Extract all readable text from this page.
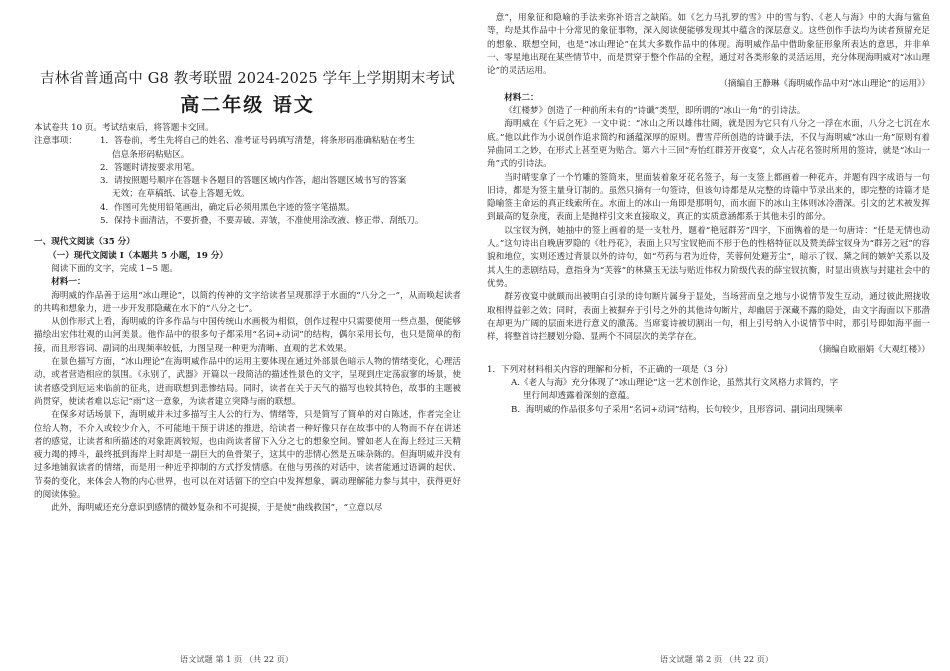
吉林省普通高中 G8 教考联盟 2024-2025 学年上学期期末考试
高二年级 语文

本试卷共 10 页。考试结束后，将答题卡交回。

注意事项：	1．答卷前，考生先将自己的姓名、准考证号码填写清楚，将条形码准确粘贴在考生
信息条形码粘贴区。
2．答题时请按要求用笔。
3．请按照题号顺序在答题卡各题目的答题区域内作答，超出答题区域书写的答案
无效；在草稿纸、试卷上答题无效。
4．作图可先使用铅笔画出，确定后必须用黑色字迹的签字笔描黑。
5．保持卡面清洁，不要折叠，不要弄破、弄皱，不准使用涂改液、修正带、刮纸刀。

一、现代文阅读（35 分）

（一）现代文阅读 I（本题共 5 小题，19 分）

阅读下面的文字，完成 1~5 题。

材料一：

海明威的作品善于运用“冰山理论”，以简约传神的文字给读者呈现那浮于水面的“八分之一”，从而唤起读者的共鸣和想象力，进一步开发那隐藏在水下的“八分之七”。

从创作形式上看，海明威的许多作品与中国传统山水画极为相似，创作过程中只需要使用一些点墨，便能够描绘出宏伟壮观的山河美景。他作品中的很多句子都采用“名词+动词”的结构，偶尔采用长句，也只是简单的衔接，而且形容词、副词的出现频率较低，力图呈现一种更为清晰、直观的艺术效果。

在景色描写方面，“冰山理论”在海明威作品中的运用主要体现在通过外部景色暗示人物的情绪变化，心理活动，或者营造相应的氛围。《永别了，武器》开篇以一段简洁的描述性景色的文字，呈现到庄定荡寂寥的场景，使读者感受到厄运来临前的征兆，进而联想到悲惨结局。同时，读者在关于天气的描写也较其特色，故事的主题被尚贯穿，使读者难以忘记“雨”这一意象，为读者建立突降与雨的联想。

在保多对话场景下，海明威并未过多描写主人公的行为、情绪等，只是简写了简单的对白陈述，作者完全让位给人物，不介入或较少介入，不可能地干预于讲述的推进，给读者一种好像只存在故事中的人物而不存在讲述者的感觉，让读者和所描述的对象距离较短，也由尚读者留下入分之七的想象空间。譬如老人在海上经过三天精疲力竭的搏斗，最终抵到海岸上时却是一副巨大的鱼骨架子，这其中的悲情心然是五味杂陈的。但海明威并没有过多地铺叙读者的情绪，而是用一种近乎抑制的方式抒发情感。在他与男孩的对话中，读者能通过语调的起伏、节奏的变化，来体会人物的内心世界，也可以在对话留下的空白中发挥想象，调动理解能力参与其中，获得更好的阅读体验。

此外，海明威还充分意识到感情的微妙复杂和不可捉摸，于是使“曲线救国”，“立意以尽

语文试题 第 1 页 （共 22 页）

意”，用象征和隐喻的手法来弥补语言之缺陷。如《乞力马扎罗的雪》中的雪与豹、《老人与海》中的大海与鲨鱼等，均是其作品中十分常见的象征事物，深入阅读便能够发现其中蕴含的深层意义。这些创作手法均为读者预留充足的想象、联想空间，也是“冰山理论”在其大多数作品中的体现。海明威作品中借助象征形象所表达的意思，并非单一、零星地出现在某些情节中，而是贯穿于整个作品的全程，通过对各类形象的灵活运用，充分体现海明威对“冰山理论”的灵活运用。

（摘编自王静琳《海明威作品中对“冰山理论”的运用》）

材料二：

《红楼梦》创造了一种前所未有的“诗谶”类型，即所谓的“冰山一角”的引诗法。

海明威在《午后之死》一文中说：“冰山之所以雄伟壮阔，就是因为它只有八分之一浮在水面，八分之七沉在水底。”他以此作为小说创作追求简约和涵蕴深厚的原则。曹雪芹所创造的诗谶手法，不仅与海明威“冰山一角”原则有着异曲同工之妙，在形式上甚至更为贴合。第六十三回“寿怡红群芳开夜宴”，众人占花名签时所用的签诗，就是“冰山一角”式的引诗法。

当时晴雯拿了一个竹雕的签筒来，里面装着象牙花名签子，每一支签上都画着一种花卉，并题有四字成语与一句旧诗，都是为签主量身订制的。虽然只摘有一句签诗，但该句诗都是从完整的诗篇中节录出来的，即完整的诗篇才是隐喻签主命运的真正线索所在。水面上的冰山一角即是那明句，而水面下的冰山主体则冰冷潜深。引文的艺术被发挥到最高的复杂度，表面上是抛样引文来直接取义，真正的实质意涵都系于其他未引的部分。

以宝钗为例，她抽中的签上画着的是一支牡丹，题着“艳冠群芳”四字，下面镌着的是一句唐诗：“任是无情也动人。”这句诗出自晚唐罗隐的《牡丹花》，表面上只写宝钗艳而不形于色的性格特征以及赞美薛宝钗身为“群芳之冠”的容貌和地位，实则还透过背景以外的诗句，如“芍药与君为近侍，芙蓉何处避芳尘”，暗示了钗、黛之间的嫉妒关系以及其人生的悲剧结局，意指身为“芙蓉”的林黛玉无法与贴近伟权力阶级代表的薛宝钗抗衡，时显出贵族与封建社会中的优势。

群芳夜宴中就颇而出被明白引录的诗句断片属身于显处，当场营而皇之地与小说情节发生互动，通过彼此照拢收取相得益彰之效；同时，表面上被摒弃于引号之外的其他诗句断片，却幽居于深藏不露的隐处，由文字海面以下那潜在却更为广阔的层面来进行意义的激荡。当席宴诗被切割出一句，相上引号纳入小说情节中时，那引号即如海平面一样，将整首诗拦腰划分隐、显两个不同层次的美学存在。

（摘编自欧丽娟《大观红楼》）

1．下列对材料相关内容的理解和分析，不正确的一项是（3 分）

A.《老人与海》充分体现了“冰山理论”这一艺术创作论，虽然其行文风格力求简约，字
里行间却透露着深刻的意蕴。

B．海明威的作品很多句子采用“名词+动词”结构，长句较少，且形容词、副词出现频率

语文试题 第 2 页 （共 22 页）
